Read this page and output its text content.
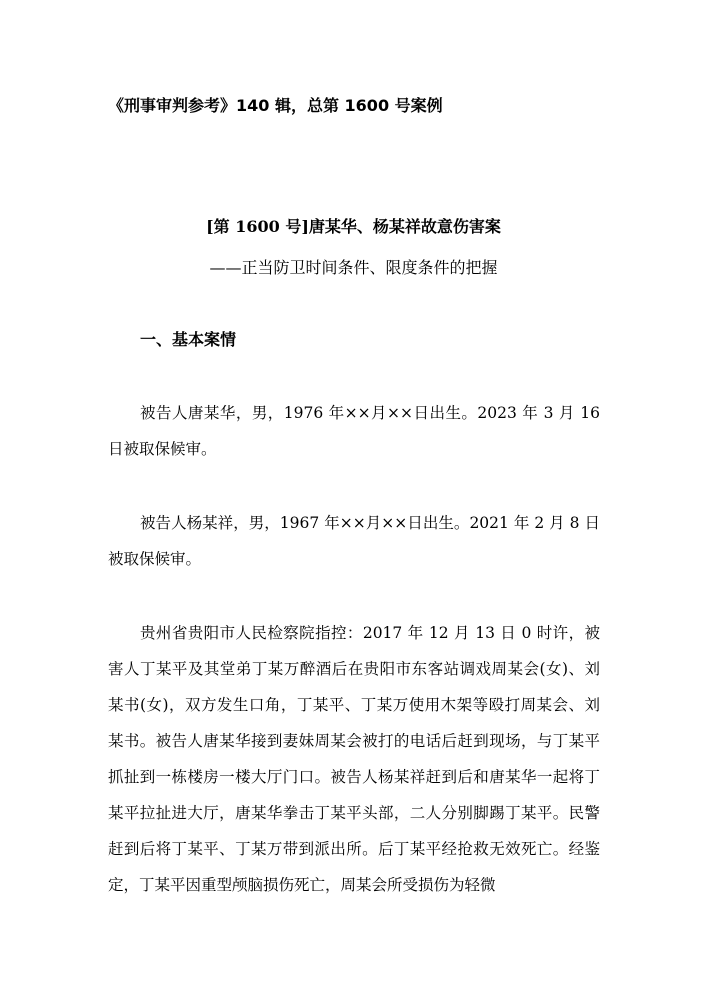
《刑事审判参考》140 辑，总第 1600 号案例
[第 1600 号]唐某华、杨某祥故意伤害案
——正当防卫时间条件、限度条件的把握
一、基本案情

被告人唐某华，男，1976 年××月××日出生。2023 年 3 月 16 日被取保候审。

被告人杨某祥，男，1967 年××月××日出生。2021 年 2 月 8 日被取保候审。

贵州省贵阳市人民检察院指控：2017 年 12 月 13 日 0 时许，被害人丁某平及其堂弟丁某万醉酒后在贵阳市东客站调戏周某会(女)、刘某书(女)，双方发生口角，丁某平、丁某万使用木架等殴打周某会、刘某书。被告人唐某华接到妻妹周某会被打的电话后赶到现场，与丁某平抓扯到一栋楼房一楼大厅门口。被告人杨某祥赶到后和唐某华一起将丁某平拉扯进大厅，唐某华拳击丁某平头部，二人分别脚踢丁某平。民警赶到后将丁某平、丁某万带到派出所。后丁某平经抢救无效死亡。经鉴定，丁某平因重型颅脑损伤死亡，周某会所受损伤为轻微
